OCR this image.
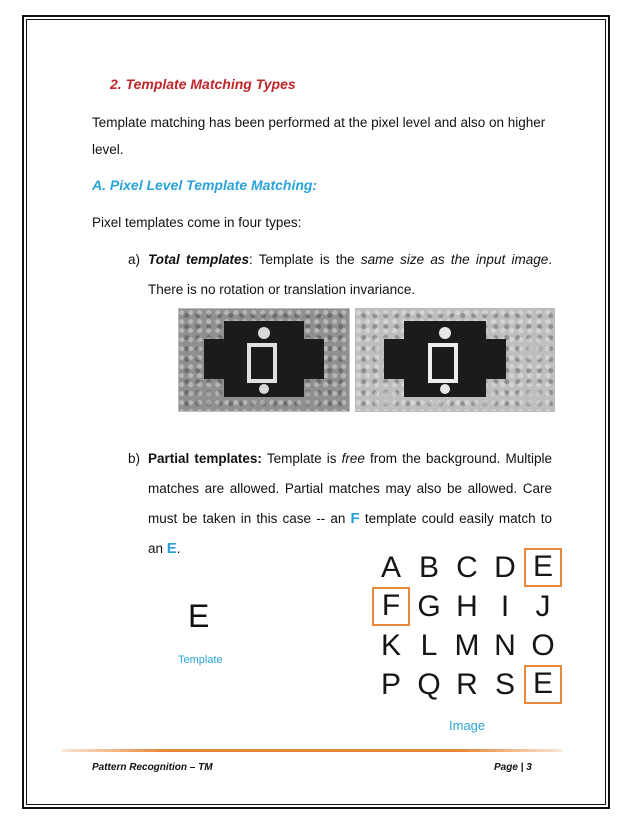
2. Template Matching Types
Template matching has been performed at the pixel level and also on higher
level.
A. Pixel Level Template Matching:
Pixel templates come in four types:
a) Total templates: Template is the same size as the input image. There is no rotation or translation invariance.
b) Partial templates: Template is free from the background. Multiple matches are allowed. Partial matches may also be allowed. Care must be taken in this case -- an F template could easily match to an E.
E
Template
A B C D E
F G H I J
K L M N O
P Q R S E
Image
Pattern Recognition – TM	Page | 3
